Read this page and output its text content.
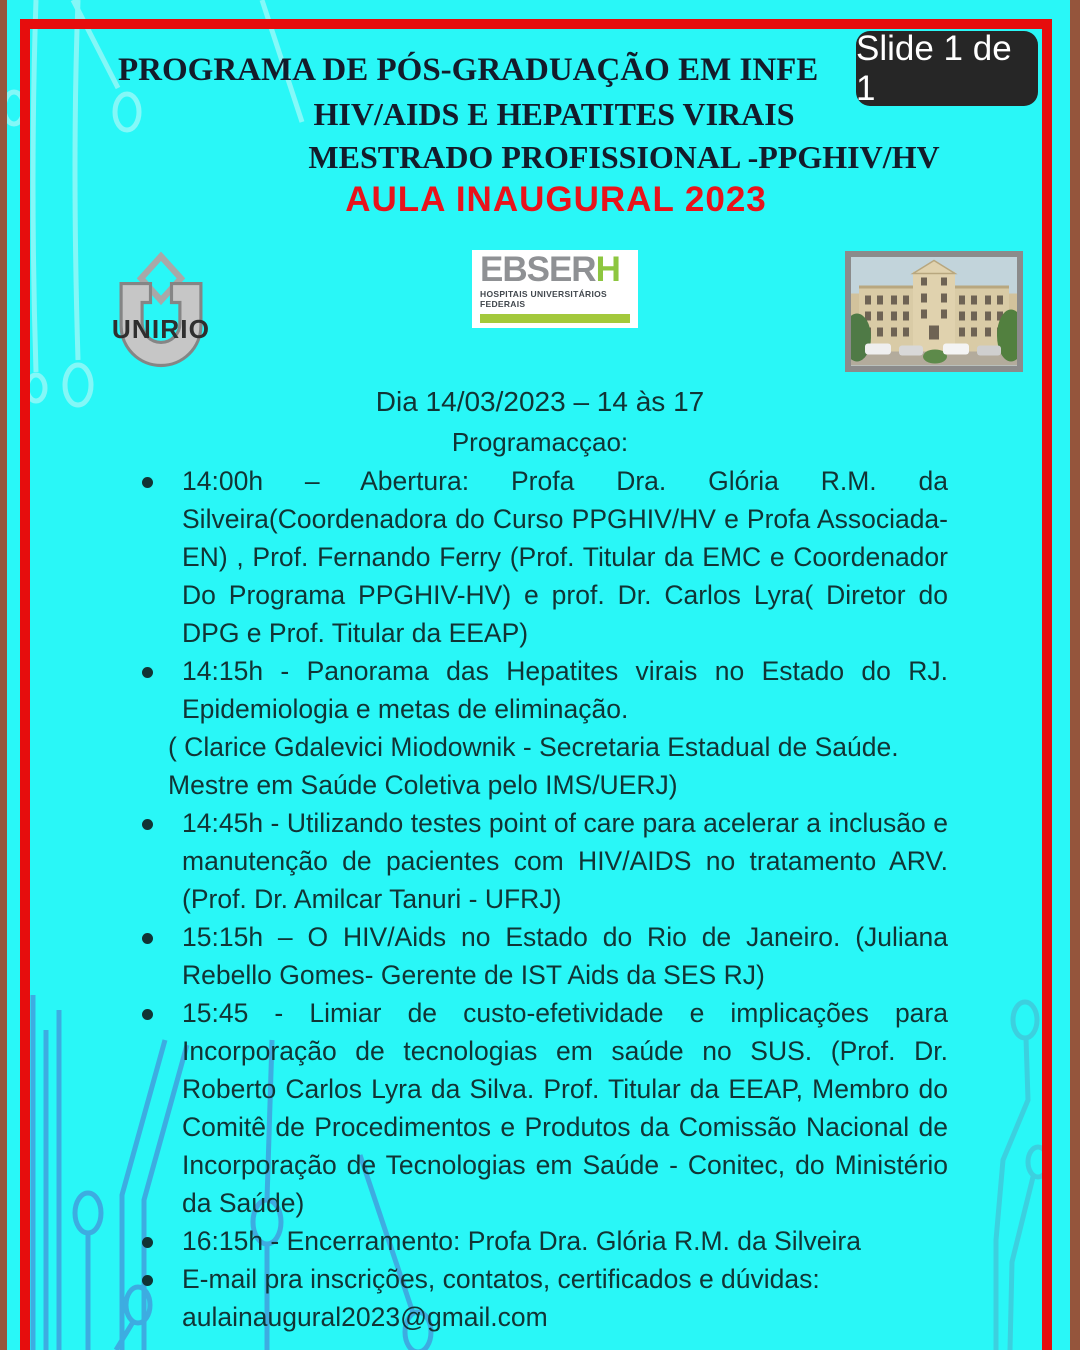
Slide 1 de 1
PROGRAMA DE PÓS-GRADUAÇÃO EM INFE
HIV/AIDS E HEPATITES VIRAIS
MESTRADO PROFISSIONAL -PPGHIV/HV
AULA INAUGURAL 2023
UNIRIO
EBSERH
HOSPITAIS UNIVERSITÁRIOS FEDERAIS
Dia 14/03/2023 – 14 às 17
Programacçao:
14:00h – Abertura: Profa Dra. Glória R.M. da Silveira(Coordenadora do Curso PPGHIV/HV e Profa Associada-EN) , Prof. Fernando Ferry (Prof. Titular da EMC e Coordenador Do Programa PPGHIV-HV) e prof. Dr. Carlos Lyra( Diretor do DPG e Prof. Titular da EEAP)
14:15h - Panorama das Hepatites virais no Estado do RJ. Epidemiologia e metas de eliminação.
( Clarice Gdalevici Miodownik - Secretaria Estadual de Saúde. Mestre em Saúde Coletiva pelo IMS/UERJ)
14:45h - Utilizando testes point of care para acelerar a inclusão e manutenção de pacientes com HIV/AIDS no tratamento ARV.(Prof. Dr. Amilcar Tanuri - UFRJ)
15:15h – O HIV/Aids no Estado do Rio de Janeiro. (Juliana Rebello Gomes- Gerente de IST Aids da SES RJ)
15:45 - Limiar de custo-efetividade e implicações para Incorporação de tecnologias em saúde no SUS. (Prof. Dr. Roberto Carlos Lyra da Silva. Prof. Titular da EEAP, Membro do Comitê de Procedimentos e Produtos da Comissão Nacional de Incorporação de Tecnologias em Saúde - Conitec, do Ministério da Saúde)
16:15h - Encerramento: Profa Dra. Glória R.M. da Silveira
E-mail pra inscrições, contatos, certificados e dúvidas:
aulainaugural2023@gmail.com
